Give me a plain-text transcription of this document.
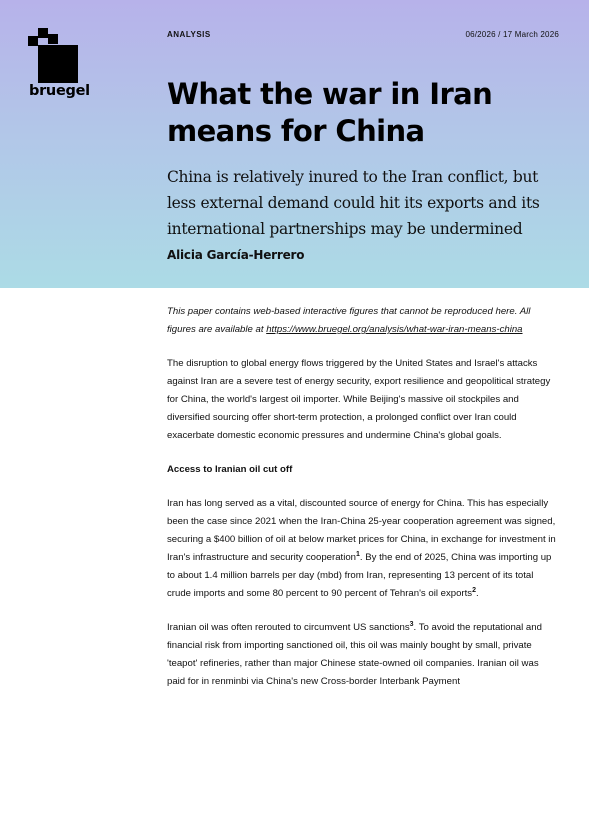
bruegel
ANALYSIS	06/2026 / 17 March 2026
What the war in Iran means for China

China is relatively inured to the Iran conflict, but less external demand could hit its exports and its international partnerships may be undermined

Alicia García-Herrero

This paper contains web-based interactive figures that cannot be reproduced here. All figures are available at https://www.bruegel.org/analysis/what-war-iran-means-china

The disruption to global energy flows triggered by the United States and Israel's attacks against Iran are a severe test of energy security, export resilience and geopolitical strategy for China, the world's largest oil importer. While Beijing's massive oil stockpiles and diversified sourcing offer short-term protection, a prolonged conflict over Iran could exacerbate domestic economic pressures and undermine China's global goals.

Access to Iranian oil cut off

Iran has long served as a vital, discounted source of energy for China. This has especially been the case since 2021 when the Iran-China 25-year cooperation agreement was signed, securing a $400 billion of oil at below market prices for China, in exchange for investment in Iran's infrastructure and security cooperation$^1$. By the end of 2025, China was importing up to about 1.4 million barrels per day (mbd) from Iran, representing 13 percent of its total crude imports and some 80 percent to 90 percent of Tehran's oil exports$^2$.

Iranian oil was often rerouted to circumvent US sanctions$^3$. To avoid the reputational and financial risk from importing sanctioned oil, this oil was mainly bought by small, private 'teapot' refineries, rather than major Chinese state-owned oil companies. Iranian oil was paid for in renminbi via China's new Cross-border Interbank Payment
